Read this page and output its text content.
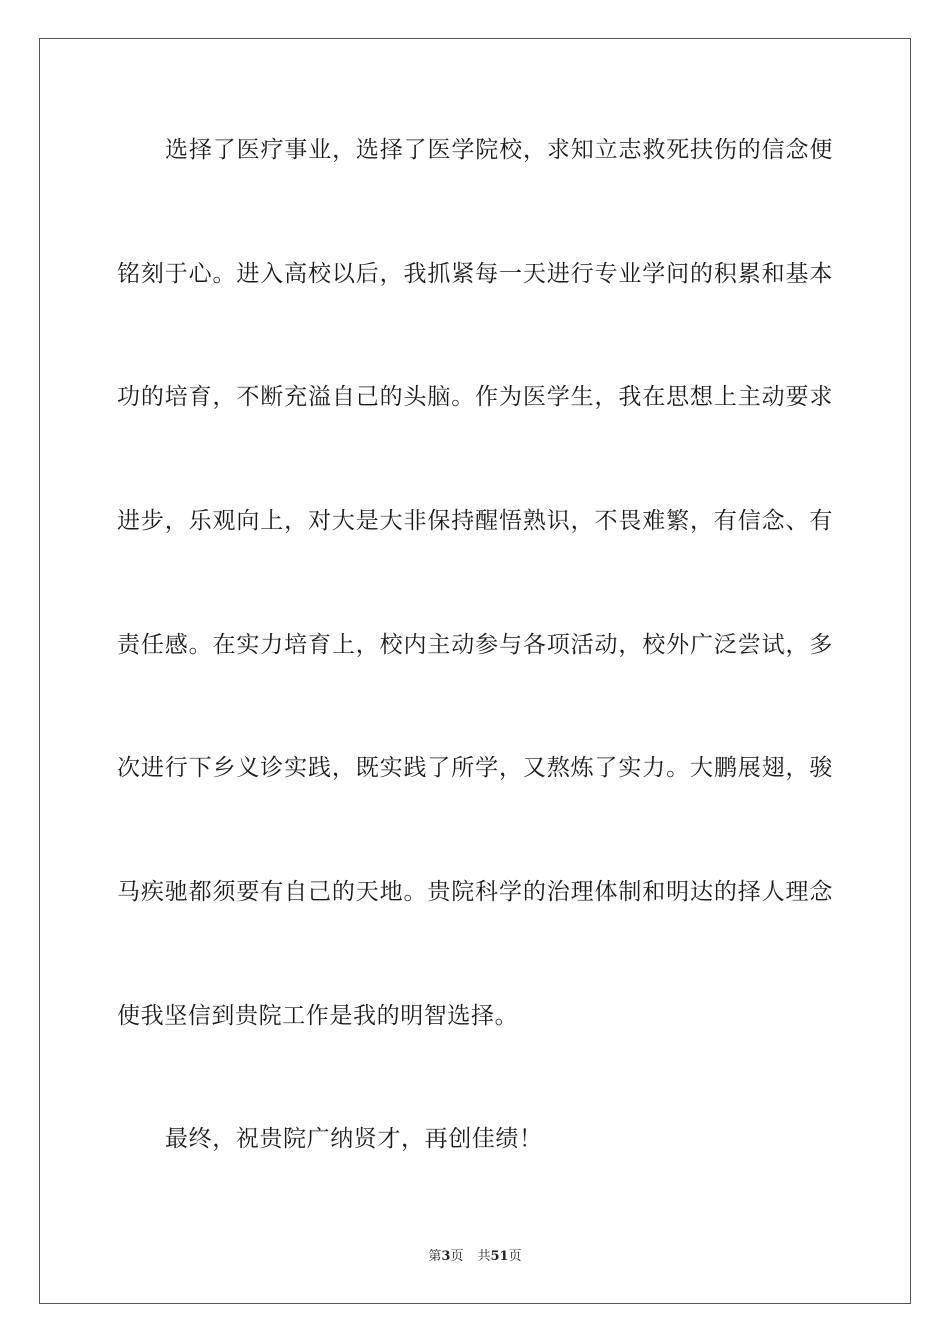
选择了医疗事业，选择了医学院校，求知立志救死扶伤的信念便
铭刻于心。进入高校以后，我抓紧每一天进行专业学问的积累和基本
功的培育，不断充溢自己的头脑。作为医学生，我在思想上主动要求
进步，乐观向上，对大是大非保持醒悟熟识，不畏难繁，有信念、有
责任感。在实力培育上，校内主动参与各项活动，校外广泛尝试，多
次进行下乡义诊实践，既实践了所学，又熬炼了实力。大鹏展翅，骏
马疾驰都须要有自己的天地。贵院科学的治理体制和明达的择人理念
使我坚信到贵院工作是我的明智选择。
最终，祝贵院广纳贤才，再创佳绩！
第3页 共51页
